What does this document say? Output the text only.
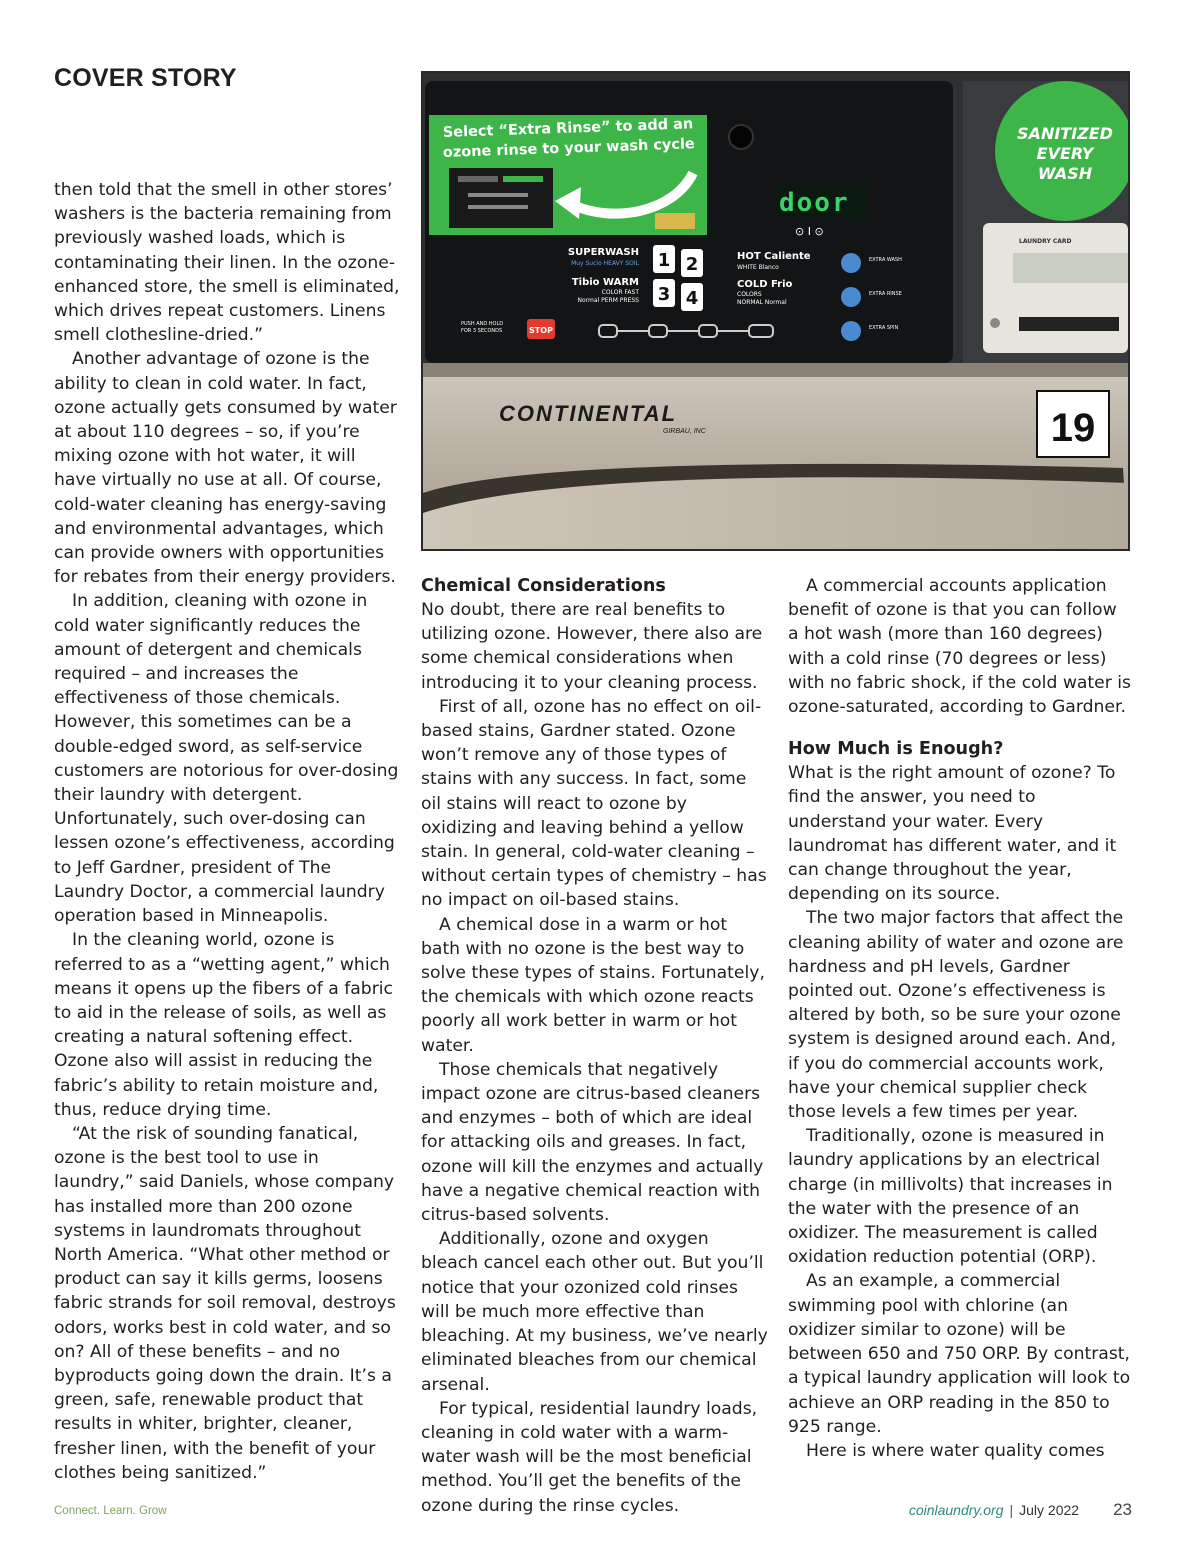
COVER STORY
Select “Extra Rinse” to add an
ozone rinse to your wash cycle
door
⊙ I ⊙
SUPERWASH
Muy Sucio HEAVY SOIL
Tibio WARM
COLOR FAST
Normal PERM PRESS
1 2
3 4
HOT Caliente
WHITE Blanco
COLD Frio
COLORS
NORMAL Normal
EXTRA WASH
EXTRA RINSE
EXTRA SPIN
PUSH AND HOLD
FOR 3 SECONDS	STOP
SANITIZED
EVERY
WASH
LAUNDRY CARD
CONTINENTAL
GIRBAU, INC	19

then told that the smell in other stores’ washers is the bacteria remaining from previously washed loads, which is contaminating their linen. In the ozone-enhanced store, the smell is eliminated, which drives repeat customers. Linens smell clothesline-dried.”

Another advantage of ozone is the ability to clean in cold water. In fact, ozone actually gets consumed by water at about 110 degrees – so, if you’re mixing ozone with hot water, it will have virtually no use at all. Of course, cold-water cleaning has energy-saving and environmental advantages, which can provide owners with opportunities for rebates from their energy providers.

In addition, cleaning with ozone in cold water significantly reduces the amount of detergent and chemicals required – and increases the effectiveness of those chemicals. However, this sometimes can be a double-edged sword, as self-service customers are notorious for over-dosing their laundry with detergent. Unfortunately, such over-dosing can lessen ozone’s effectiveness, according to Jeff Gardner, president of The Laundry Doctor, a commercial laundry operation based in Minneapolis.

In the cleaning world, ozone is referred to as a “wetting agent,” which means it opens up the fibers of a fabric to aid in the release of soils, as well as creating a natural softening effect. Ozone also will assist in reducing the fabric’s ability to retain moisture and, thus, reduce drying time.

“At the risk of sounding fanatical, ozone is the best tool to use in laundry,” said Daniels, whose company has installed more than 200 ozone systems in laundromats throughout North America. “What other method or product can say it kills germs, loosens fabric strands for soil removal, destroys odors, works best in cold water, and so on? All of these benefits – and no byproducts going down the drain. It’s a green, safe, renewable product that results in whiter, brighter, cleaner, fresher linen, with the benefit of your clothes being sanitized.”

Chemical Considerations

No doubt, there are real benefits to utilizing ozone. However, there also are some chemical considerations when introducing it to your cleaning process.

First of all, ozone has no effect on oil-based stains, Gardner stated. Ozone won’t remove any of those types of stains with any success. In fact, some oil stains will react to ozone by oxidizing and leaving behind a yellow stain. In general, cold-water cleaning – without certain types of chemistry – has no impact on oil-based stains.

A chemical dose in a warm or hot bath with no ozone is the best way to solve these types of stains. Fortunately, the chemicals with which ozone reacts poorly all work better in warm or hot water.

Those chemicals that negatively impact ozone are citrus-based cleaners and enzymes – both of which are ideal for attacking oils and greases. In fact, ozone will kill the enzymes and actually have a negative chemical reaction with citrus-based solvents.

Additionally, ozone and oxygen bleach cancel each other out. But you’ll notice that your ozonized cold rinses will be much more effective than bleaching. At my business, we’ve nearly eliminated bleaches from our chemical arsenal.

For typical, residential laundry loads, cleaning in cold water with a warm-water wash will be the most beneficial method. You’ll get the benefits of the ozone during the rinse cycles.

A commercial accounts application benefit of ozone is that you can follow a hot wash (more than 160 degrees) with a cold rinse (70 degrees or less) with no fabric shock, if the cold water is ozone-saturated, according to Gardner.

How Much is Enough?

What is the right amount of ozone? To find the answer, you need to understand your water. Every laundromat has different water, and it can change throughout the year, depending on its source.

The two major factors that affect the cleaning ability of water and ozone are hardness and pH levels, Gardner pointed out. Ozone’s effectiveness is altered by both, so be sure your ozone system is designed around each. And, if you do commercial accounts work, have your chemical supplier check those levels a few times per year.

Traditionally, ozone is measured in laundry applications by an electrical charge (in millivolts) that increases in the water with the presence of an oxidizer. The measurement is called oxidation reduction potential (ORP).

As an example, a commercial swimming pool with chlorine (an oxidizer similar to ozone) will be between 650 and 750 ORP. By contrast, a typical laundry application will look to achieve an ORP reading in the 850 to 925 range.

Here is where water quality comes

Connect. Learn. Grow	coinlaundry.org | July 2022 23
